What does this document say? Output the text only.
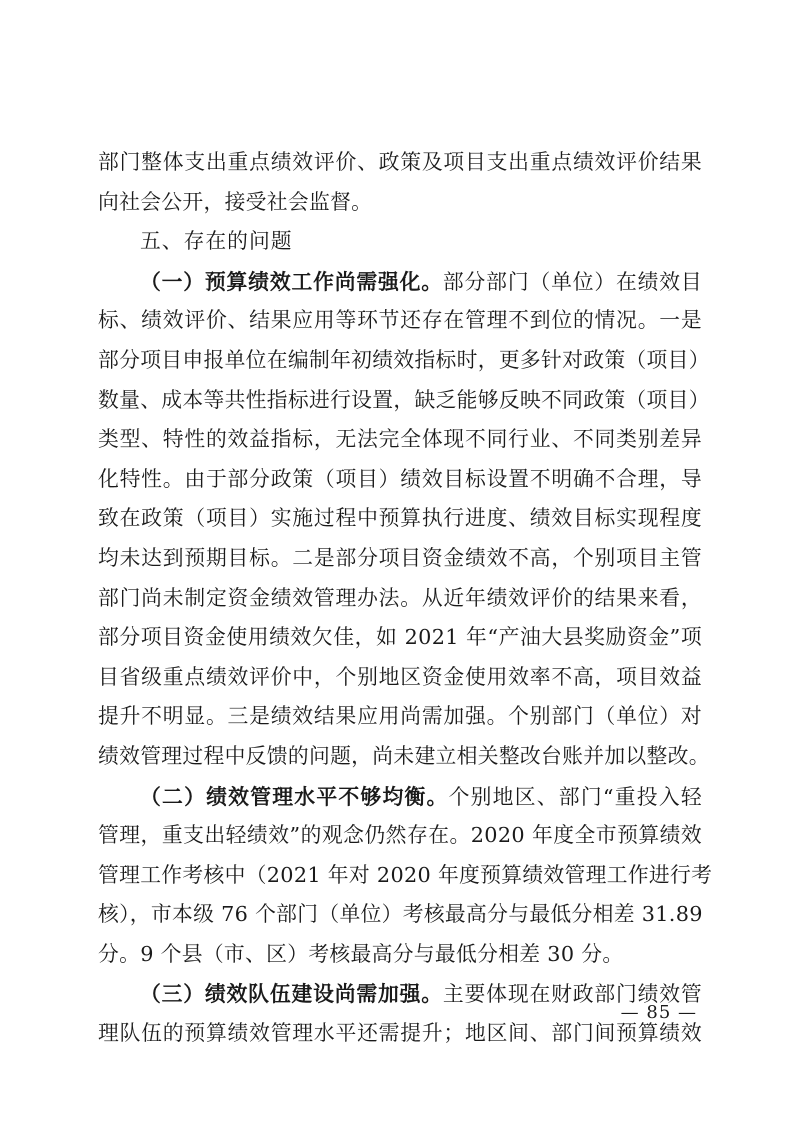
部门整体支出重点绩效评价、政策及项目支出重点绩效评价结果
向社会公开，接受社会监督。
五、存在的问题
（一）预算绩效工作尚需强化。部分部门（单位）在绩效目
标、绩效评价、结果应用等环节还存在管理不到位的情况。一是
部分项目申报单位在编制年初绩效指标时，更多针对政策（项目）
数量、成本等共性指标进行设置，缺乏能够反映不同政策（项目）
类型、特性的效益指标，无法完全体现不同行业、不同类别差异
化特性。由于部分政策（项目）绩效目标设置不明确不合理，导
致在政策（项目）实施过程中预算执行进度、绩效目标实现程度
均未达到预期目标。二是部分项目资金绩效不高，个别项目主管
部门尚未制定资金绩效管理办法。从近年绩效评价的结果来看，
部分项目资金使用绩效欠佳，如 2021 年“产油大县奖励资金”项
目省级重点绩效评价中，个别地区资金使用效率不高，项目效益
提升不明显。三是绩效结果应用尚需加强。个别部门（单位）对
绩效管理过程中反馈的问题，尚未建立相关整改台账并加以整改。
（二）绩效管理水平不够均衡。个别地区、部门“重投入轻
管理，重支出轻绩效”的观念仍然存在。2020 年度全市预算绩效
管理工作考核中（2021 年对 2020 年度预算绩效管理工作进行考
核），市本级 76 个部门（单位）考核最高分与最低分相差 31.89
分。9 个县（市、区）考核最高分与最低分相差 30 分。
（三）绩效队伍建设尚需加强。主要体现在财政部门绩效管
理队伍的预算绩效管理水平还需提升；地区间、部门间预算绩效
— 85 —
